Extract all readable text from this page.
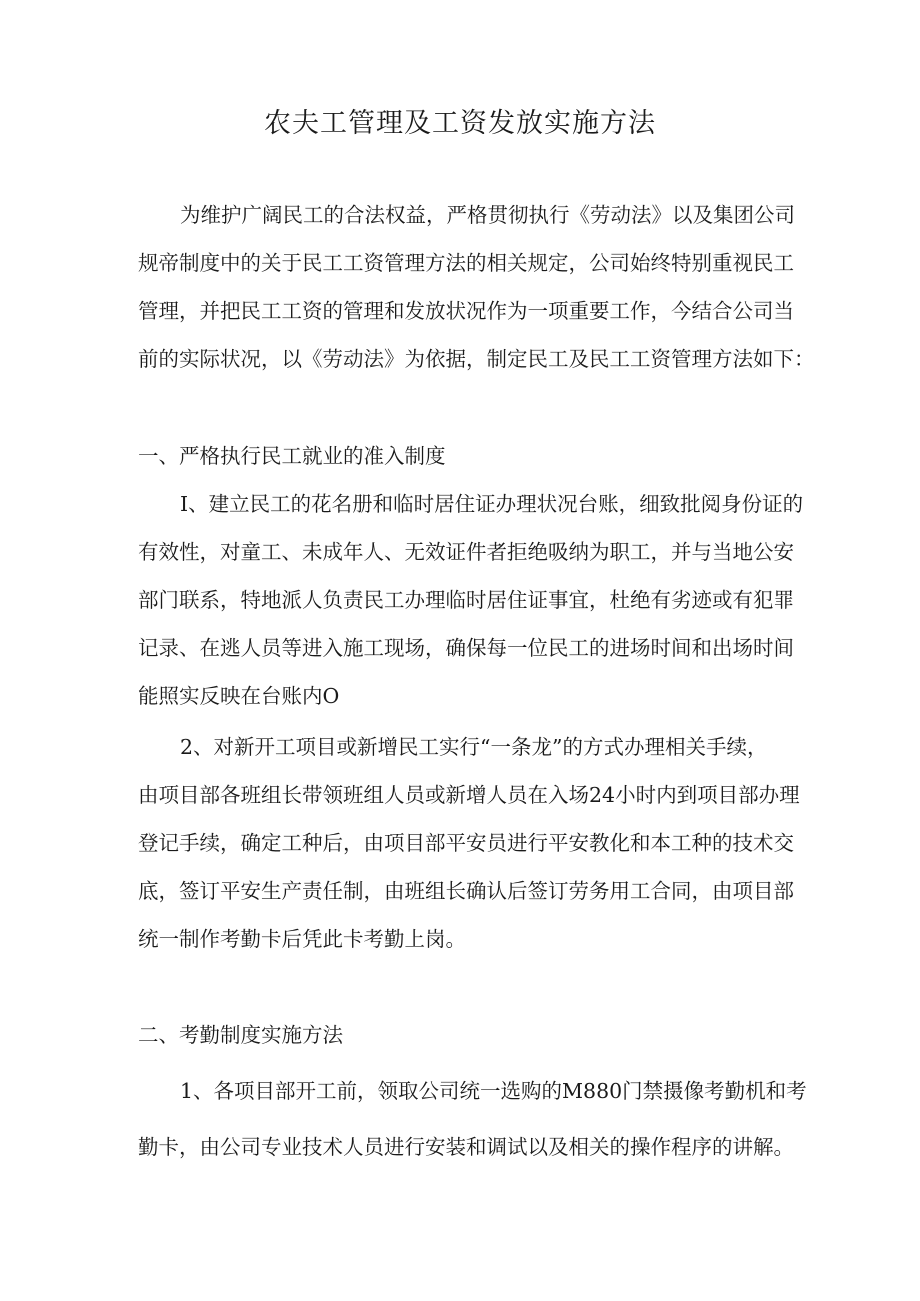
农夫工管理及工资发放实施方法
为维护广阔民工的合法权益，严格贯彻执行《劳动法》以及集团公司
规帝制度中的关于民工工资管理方法的相关规定，公司始终特别重视民工
管理，并把民工工资的管理和发放状况作为一项重要工作，今结合公司当
前的实际状况，以《劳动法》为依据，制定民工及民工工资管理方法如下：
一、严格执行民工就业的准入制度
I、建立民工的花名册和临时居住证办理状况台账，细致批阅身份证的
有效性，对童工、未成年人、无效证件者拒绝吸纳为职工，并与当地公安
部门联系，特地派人负责民工办理临时居住证事宜，杜绝有劣迹或有犯罪
记录、在逃人员等进入施工现场，确保每一位民工的进场时间和出场时间
能照实反映在台账内O
2、对新开工项目或新增民工实行“一条龙”的方式办理相关手续，
由项目部各班组长带领班组人员或新增人员在入场24小时内到项目部办理
登记手续，确定工种后，由项目部平安员进行平安教化和本工种的技术交
底，签订平安生产责任制，由班组长确认后签订劳务用工合同，由项目部
统一制作考勤卡后凭此卡考勤上岗。
二、考勤制度实施方法
1、各项目部开工前，领取公司统一选购的M880门禁摄像考勤机和考
勤卡，由公司专业技术人员进行安装和调试以及相关的操作程序的讲解。
